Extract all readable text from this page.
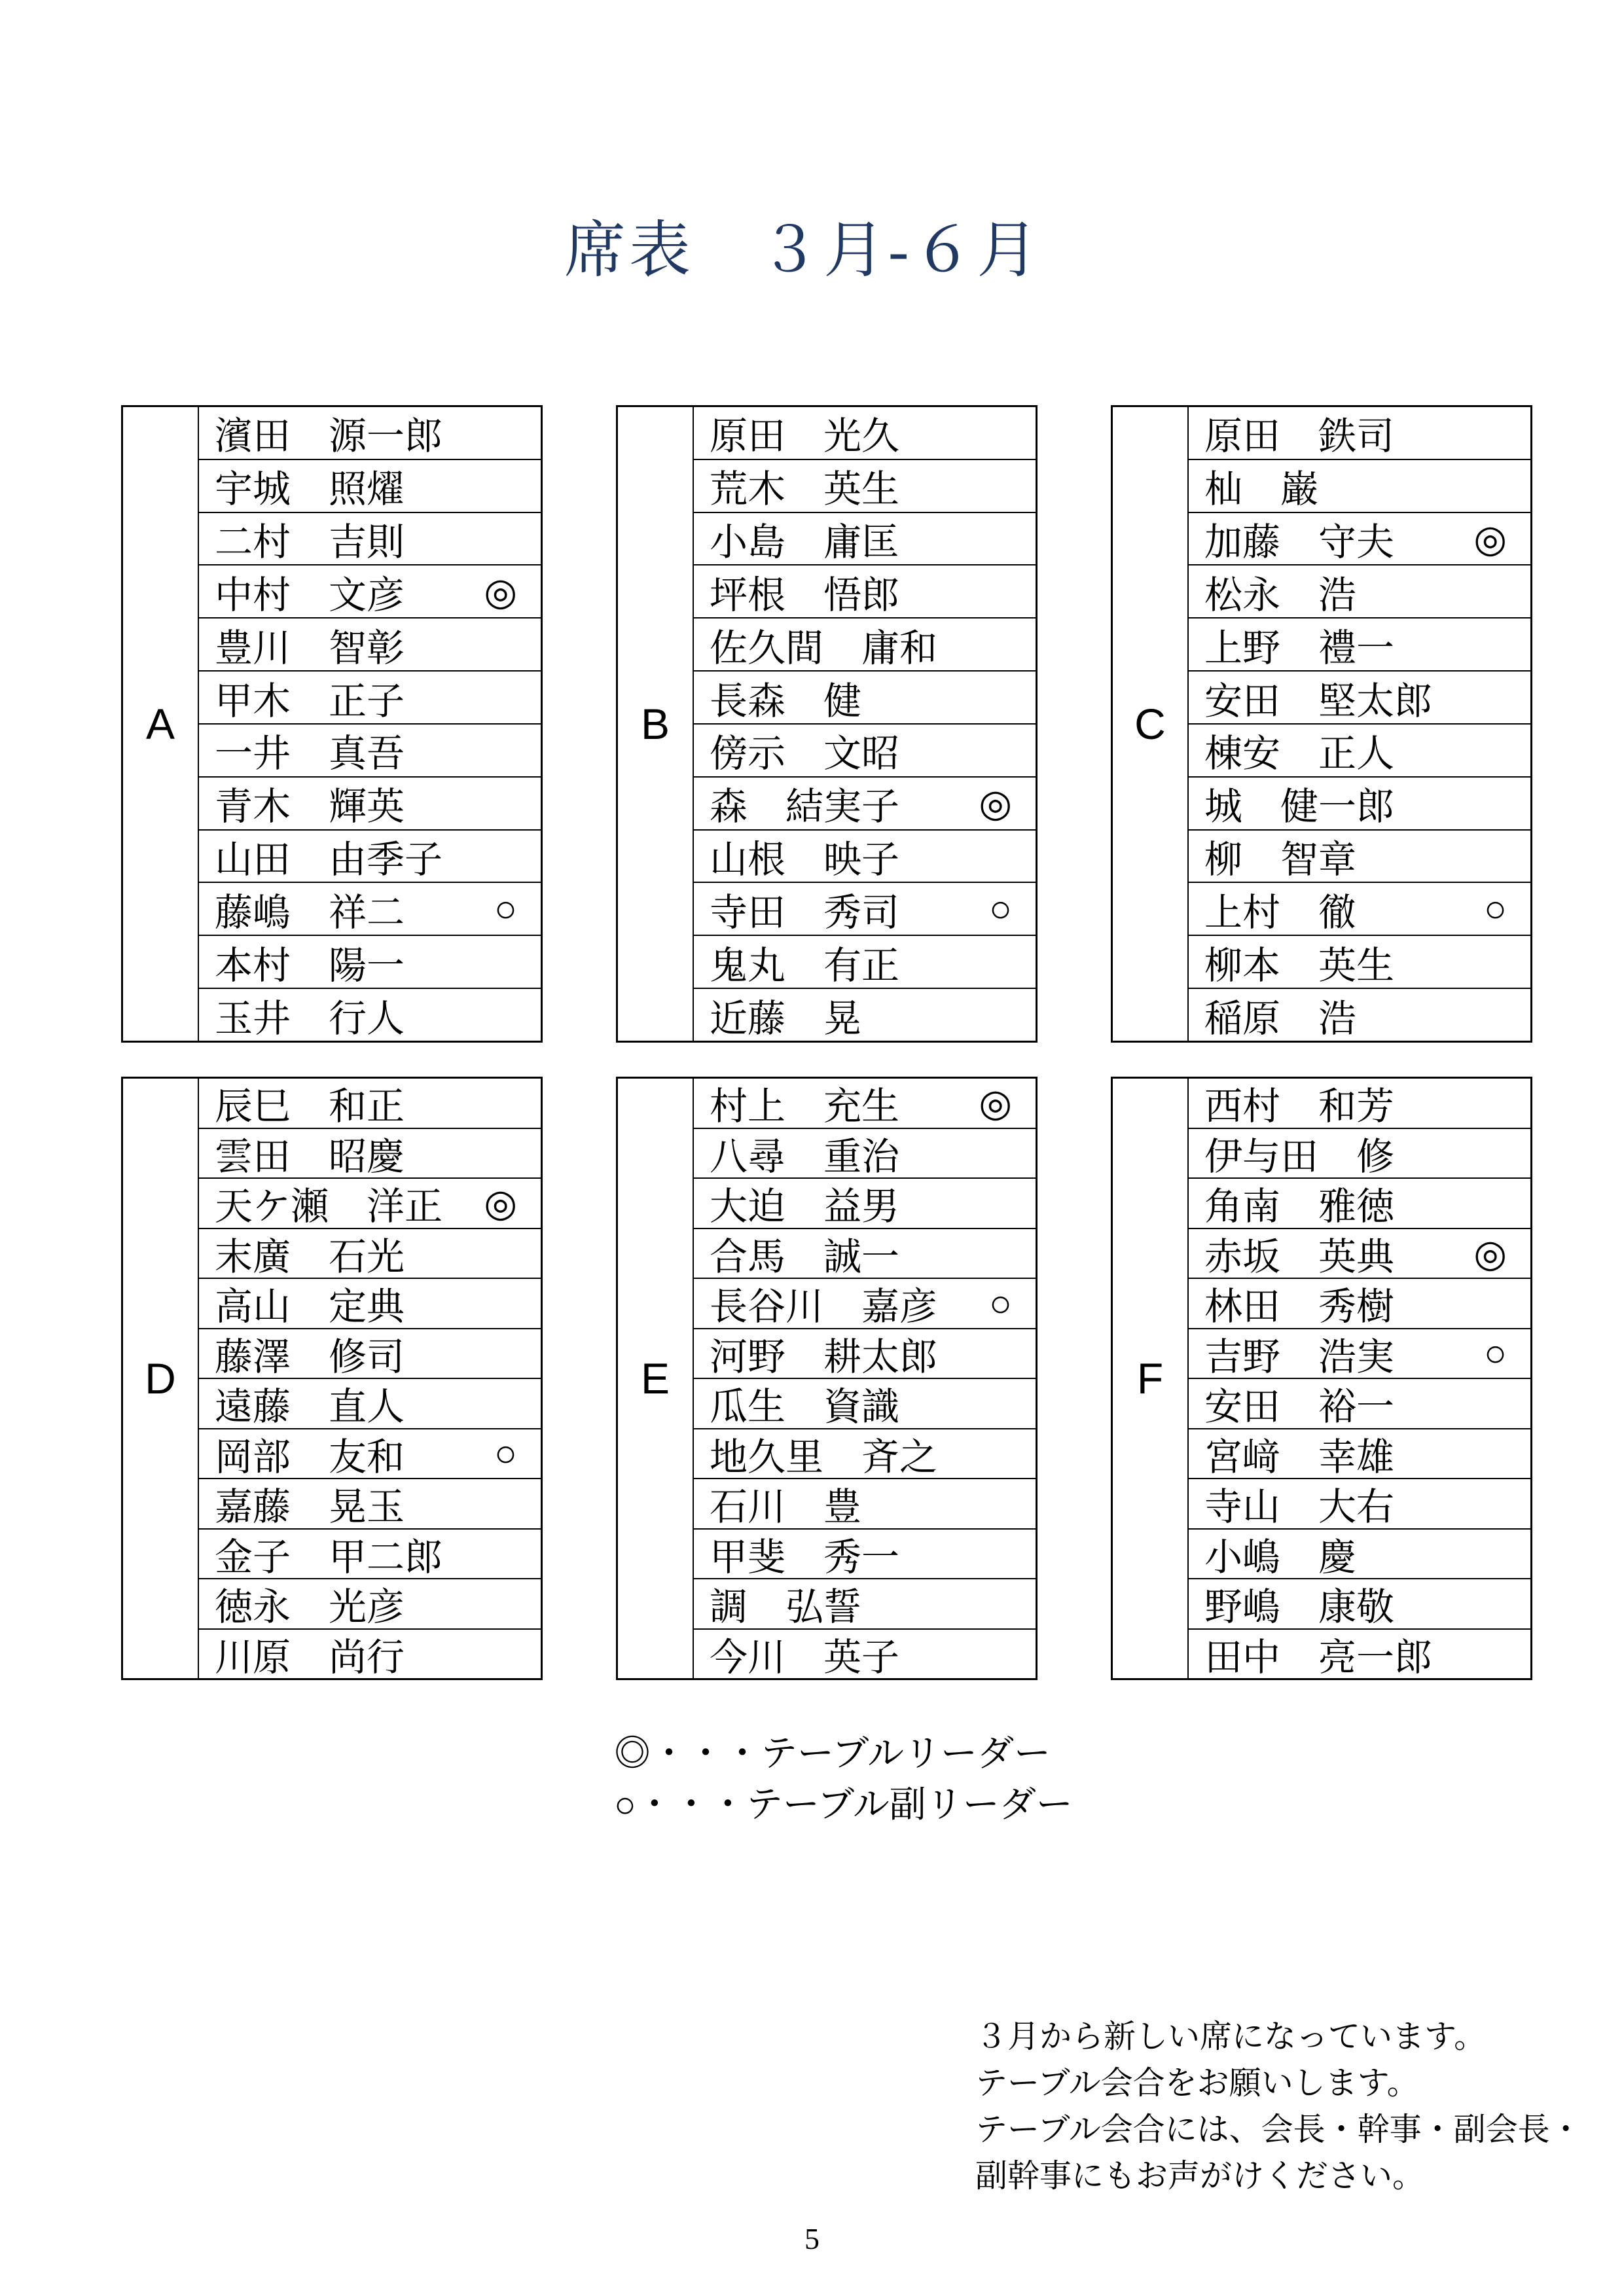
席表　３月-６月
A
濱田　源一郎
宇城　照燿
二村　吉則
中村　文彦 ◎
豊川　智彰
甲木　正子
一井　真吾
青木　輝英
山田　由季子
藤嶋　祥二 ○
本村　陽一
玉井　行人
B
原田　光久
荒木　英生
小島　庸匡
坪根　悟郎
佐久間　庸和
長森　健
傍示　文昭
森　結実子 ◎
山根　映子
寺田　秀司 ○
鬼丸　有正
近藤　晃
C
原田　鉄司
杣　巌
加藤　守夫 ◎
松永　浩
上野　禮一
安田　堅太郎
棟安　正人
城　健一郎
柳　智章
上村　徹	○
柳本　英生
稲原　浩
D
辰巳　和正
雲田　昭慶
天ケ瀬　洋正 ◎
末廣　石光
高山　定典
藤澤　修司
遠藤　直人
岡部　友和 ○
嘉藤　晃玉
金子　甲二郎
徳永　光彦
川原　尚行
E
村上　充生 ◎
八尋　重治
大迫　益男
合馬　誠一
長谷川　嘉彦 ○
河野　耕太郎
瓜生　資識
地久里　斉之
石川　豊
甲斐　秀一
調　弘誓
今川　英子
F
西村　和芳
伊与田　修
角南　雅徳
赤坂　英典 ◎
林田　秀樹
吉野　浩実 ○
安田　裕一
宮﨑　幸雄
寺山　大右
小嶋　慶
野嶋　康敬
田中　亮一郎
◎・・・テーブルリーダー
○・・・テーブル副リーダー
３月から新しい席になっています。
テーブル会合をお願いします。
テーブル会合には、会長・幹事・副会長・
副幹事にもお声がけください。
5
